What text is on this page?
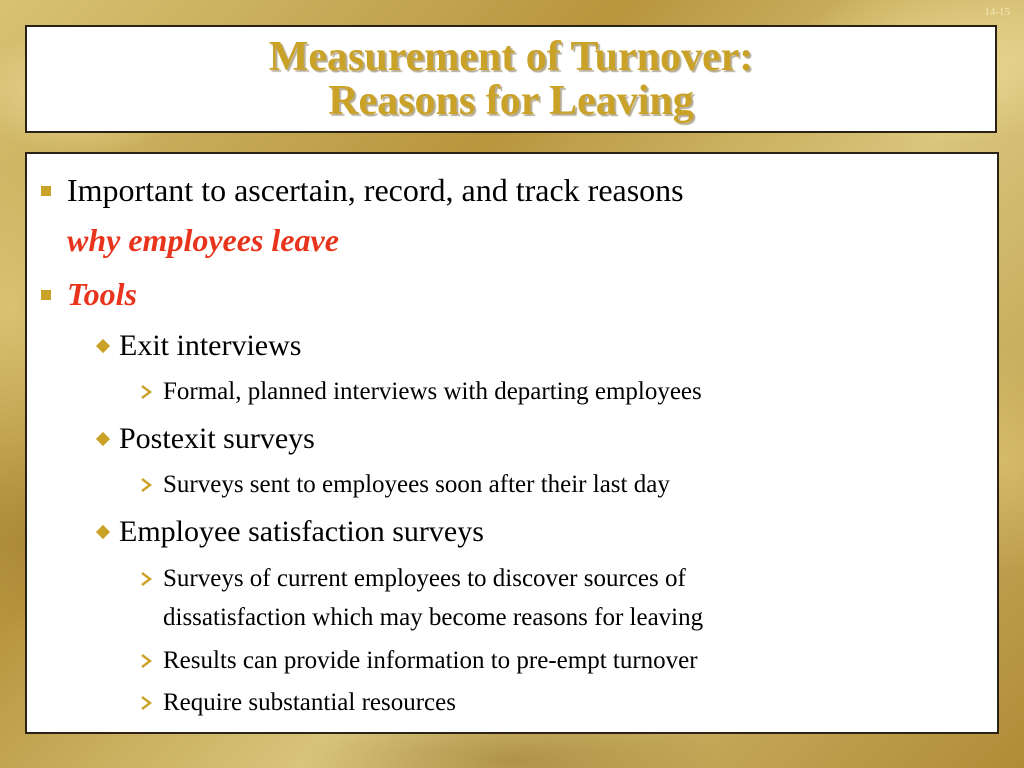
14-15
Measurement of Turnover:
Reasons for Leaving
Important to ascertain, record, and track reasons
why employees leave
Tools
Exit interviews
Formal, planned interviews with departing employees
Postexit surveys
Surveys sent to employees soon after their last day
Employee satisfaction surveys
Surveys of current employees to discover sources of
dissatisfaction which may become reasons for leaving
Results can provide information to pre-empt turnover
Require substantial resources
